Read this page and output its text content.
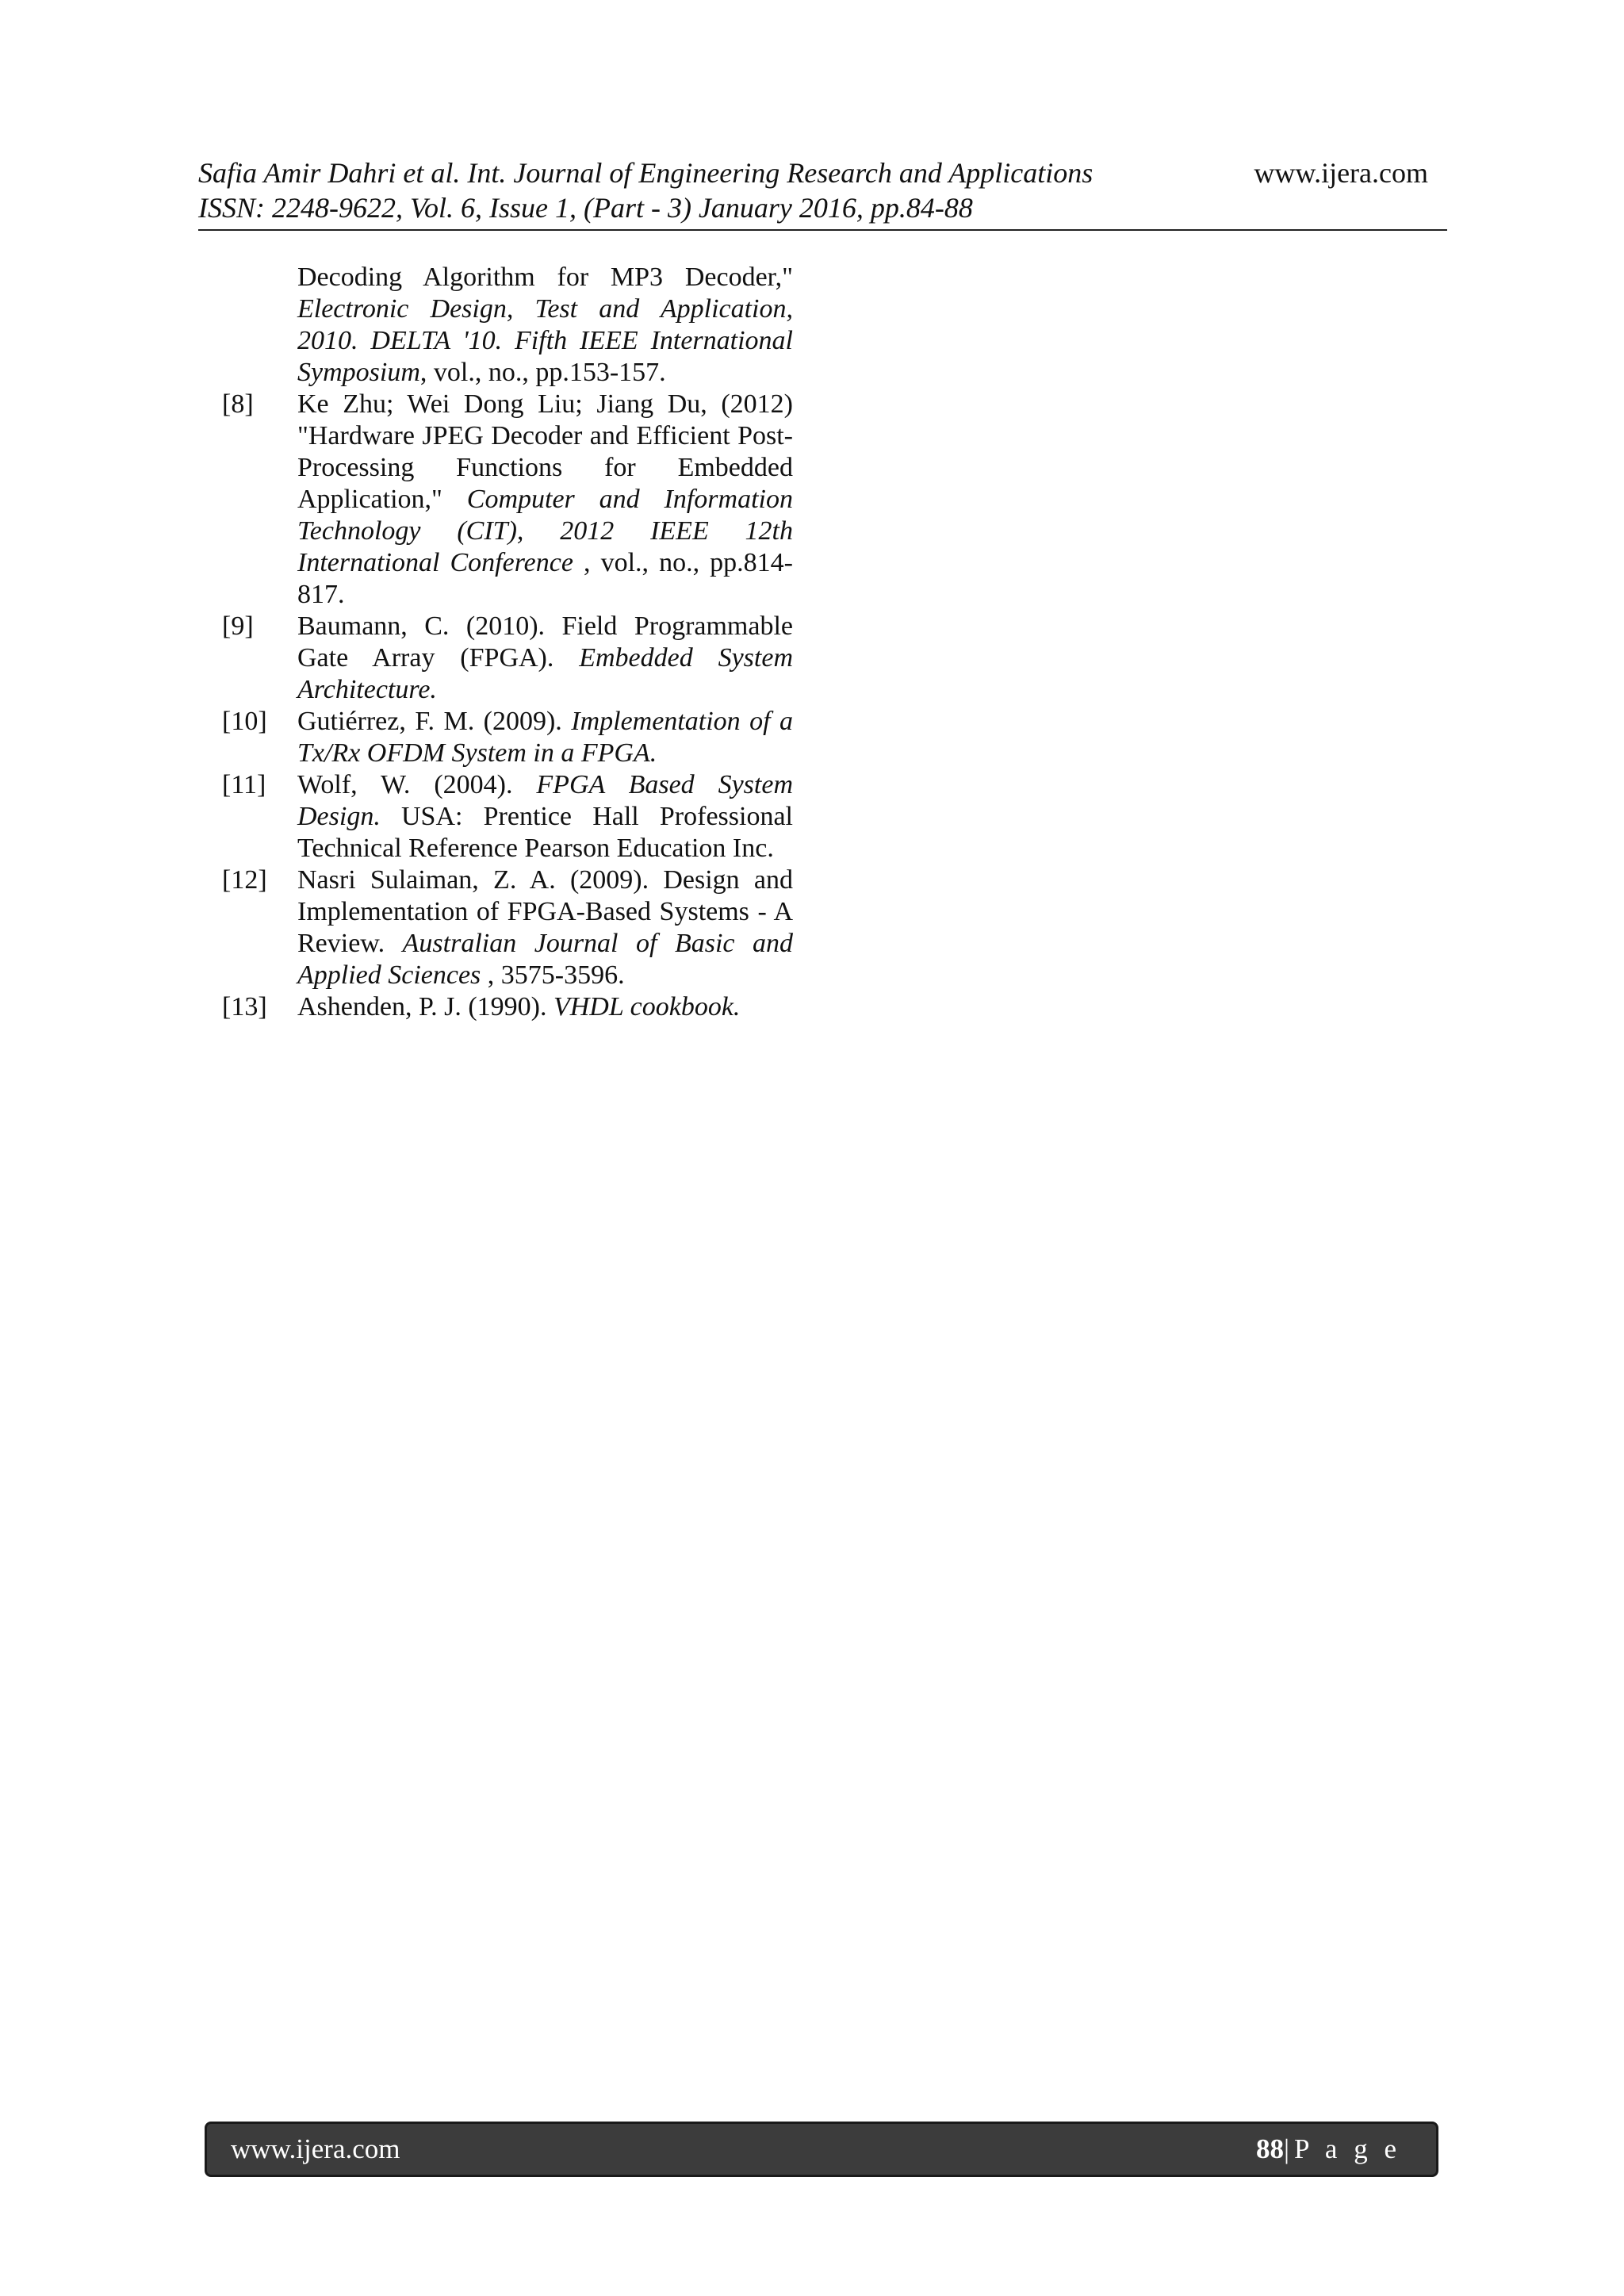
Safia Amir Dahri et al. Int. Journal of Engineering Research and Applications
ISSN: 2248-9622, Vol. 6, Issue 1, (Part - 3) January 2016, pp.84-88
www.ijera.com
Decoding Algorithm for MP3 Decoder," Electronic Design, Test and Application, 2010. DELTA '10. Fifth IEEE International Symposium, vol., no., pp.153-157.
[8] Ke Zhu; Wei Dong Liu; Jiang Du, (2012) "Hardware JPEG Decoder and Efficient Post-Processing Functions for Embedded Application," Computer and Information Technology (CIT), 2012 IEEE 12th International Conference , vol., no., pp.814-817.
[9] Baumann, C. (2010). Field Programmable Gate Array (FPGA). Embedded System Architecture.
[10] Gutiérrez, F. M. (2009). Implementation of a Tx/Rx OFDM System in a FPGA.
[11] Wolf, W. (2004). FPGA Based System Design. USA: Prentice Hall Professional Technical Reference Pearson Education Inc.
[12] Nasri Sulaiman, Z. A. (2009). Design and Implementation of FPGA-Based Systems - A Review. Australian Journal of Basic and Applied Sciences , 3575-3596.
[13] Ashenden, P. J. (1990). VHDL cookbook.
www.ijera.com	88|P a g e
